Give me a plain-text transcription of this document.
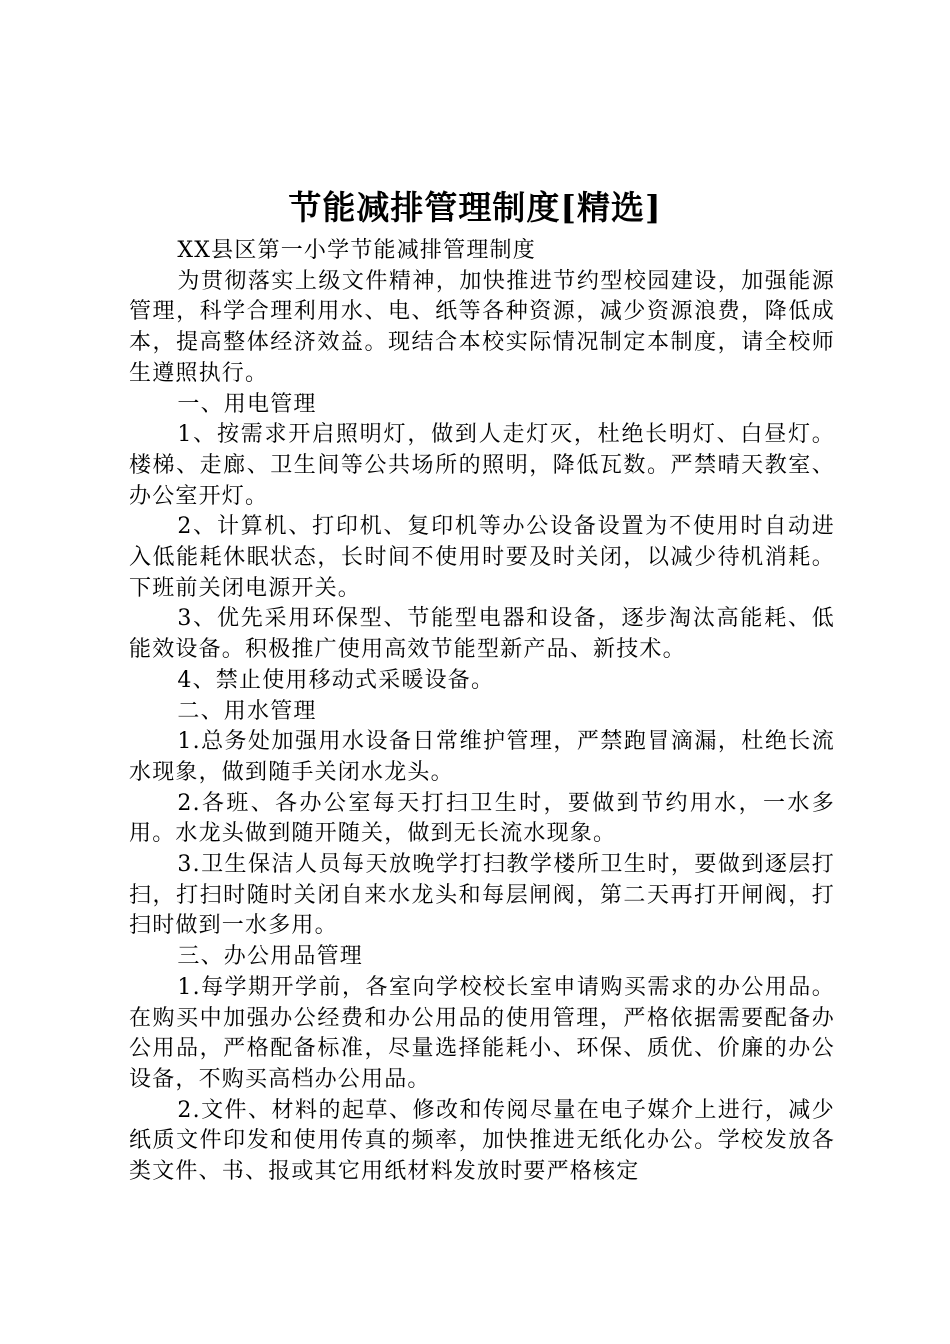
节能减排管理制度[精选]

XX县区第一小学节能减排管理制度

为贯彻落实上级文件精神，加快推进节约型校园建设，加强能源管理，科学合理利用水、电、纸等各种资源，减少资源浪费，降低成本，提高整体经济效益。现结合本校实际情况制定本制度，请全校师生遵照执行。

一、用电管理

1、按需求开启照明灯，做到人走灯灭，杜绝长明灯、白昼灯。楼梯、走廊、卫生间等公共场所的照明，降低瓦数。严禁晴天教室、办公室开灯。

2、计算机、打印机、复印机等办公设备设置为不使用时自动进入低能耗休眠状态，长时间不使用时要及时关闭，以减少待机消耗。下班前关闭电源开关。

3、优先采用环保型、节能型电器和设备，逐步淘汰高能耗、低能效设备。积极推广使用高效节能型新产品、新技术。

4、禁止使用移动式采暖设备。

二、用水管理

1.总务处加强用水设备日常维护管理，严禁跑冒滴漏，杜绝长流水现象，做到随手关闭水龙头。

2.各班、各办公室每天打扫卫生时，要做到节约用水，一水多用。水龙头做到随开随关，做到无长流水现象。

3.卫生保洁人员每天放晚学打扫教学楼所卫生时，要做到逐层打扫，打扫时随时关闭自来水龙头和每层闸阀，第二天再打开闸阀，打扫时做到一水多用。

三、办公用品管理

1.每学期开学前，各室向学校校长室申请购买需求的办公用品。在购买中加强办公经费和办公用品的使用管理，严格依据需要配备办公用品，严格配备标准，尽量选择能耗小、环保、质优、价廉的办公设备，不购买高档办公用品。

2.文件、材料的起草、修改和传阅尽量在电子媒介上进行，减少纸质文件印发和使用传真的频率，加快推进无纸化办公。学校发放各类文件、书、报或其它用纸材料发放时要严格核定
